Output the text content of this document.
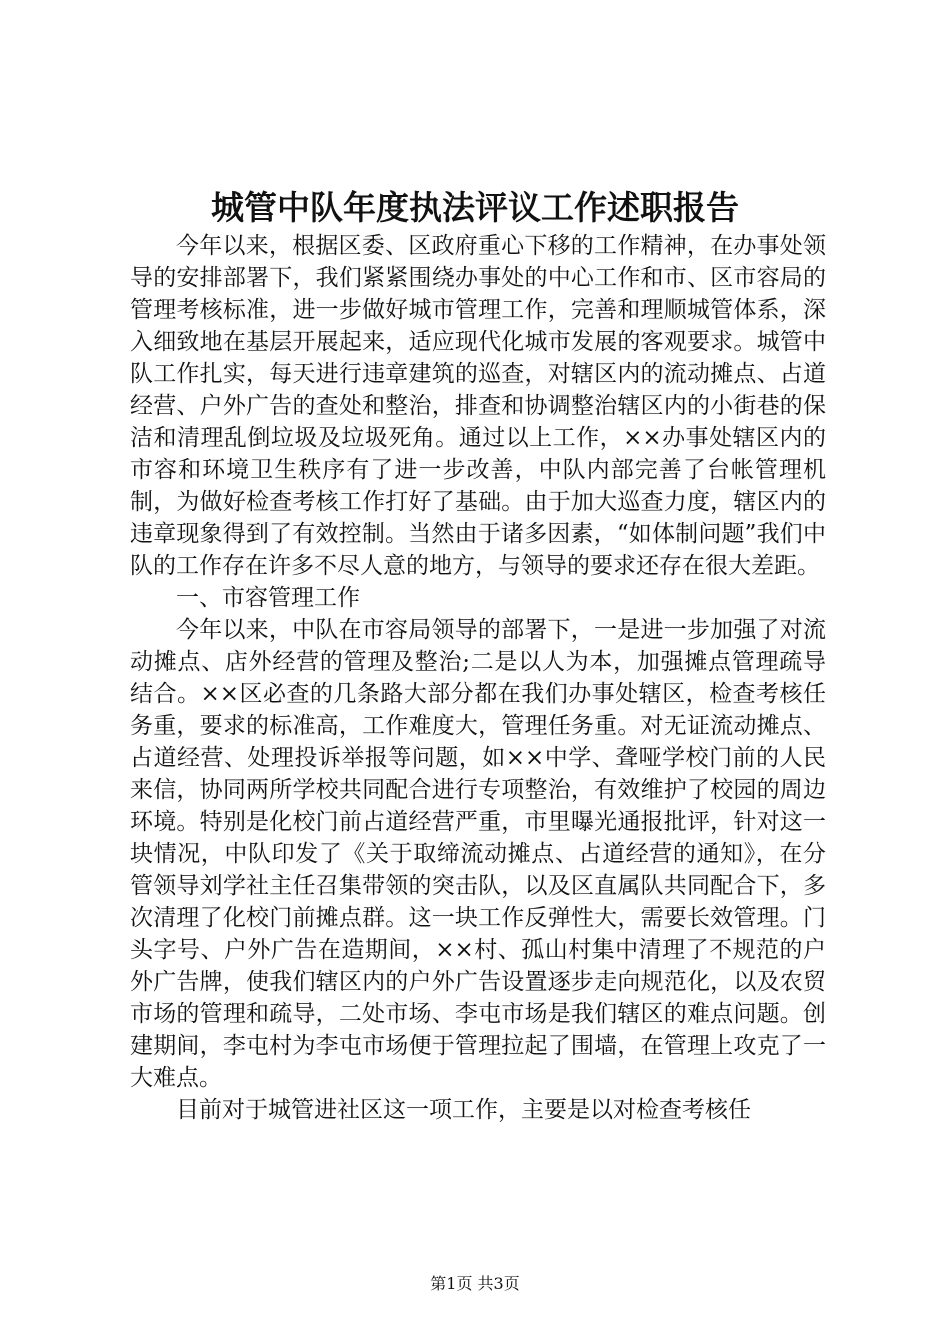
城管中队年度执法评议工作述职报告

今年以来，根据区委、区政府重心下移的工作精神，在办事处领导的安排部署下，我们紧紧围绕办事处的中心工作和市、区市容局的管理考核标准，进一步做好城市管理工作，完善和理顺城管体系，深入细致地在基层开展起来，适应现代化城市发展的客观要求。城管中队工作扎实，每天进行违章建筑的巡查，对辖区内的流动摊点、占道经营、户外广告的查处和整治，排查和协调整治辖区内的小街巷的保洁和清理乱倒垃圾及垃圾死角。通过以上工作，××办事处辖区内的市容和环境卫生秩序有了进一步改善，中队内部完善了台帐管理机制，为做好检查考核工作打好了基础。由于加大巡查力度，辖区内的违章现象得到了有效控制。当然由于诸多因素，“如体制问题”我们中队的工作存在许多不尽人意的地方，与领导的要求还存在很大差距。

一、市容管理工作

今年以来，中队在市容局领导的部署下，一是进一步加强了对流动摊点、店外经营的管理及整治;二是以人为本，加强摊点管理疏导结合。××区必查的几条路大部分都在我们办事处辖区，检查考核任务重，要求的标准高，工作难度大，管理任务重。对无证流动摊点、占道经营、处理投诉举报等问题，如××中学、聋哑学校门前的人民来信，协同两所学校共同配合进行专项整治，有效维护了校园的周边环境。特别是化校门前占道经营严重，市里曝光通报批评，针对这一块情况，中队印发了《关于取缔流动摊点、占道经营的通知》，在分管领导刘学社主任召集带领的突击队，以及区直属队共同配合下，多次清理了化校门前摊点群。这一块工作反弹性大，需要长效管理。门头字号、户外广告在造期间，××村、孤山村集中清理了不规范的户外广告牌，使我们辖区内的户外广告设置逐步走向规范化，以及农贸市场的管理和疏导，二处市场、李屯市场是我们辖区的难点问题。创建期间，李屯村为李屯市场便于管理拉起了围墙，在管理上攻克了一大难点。

目前对于城管进社区这一项工作，主要是以对检查考核任

第1页 共3页
